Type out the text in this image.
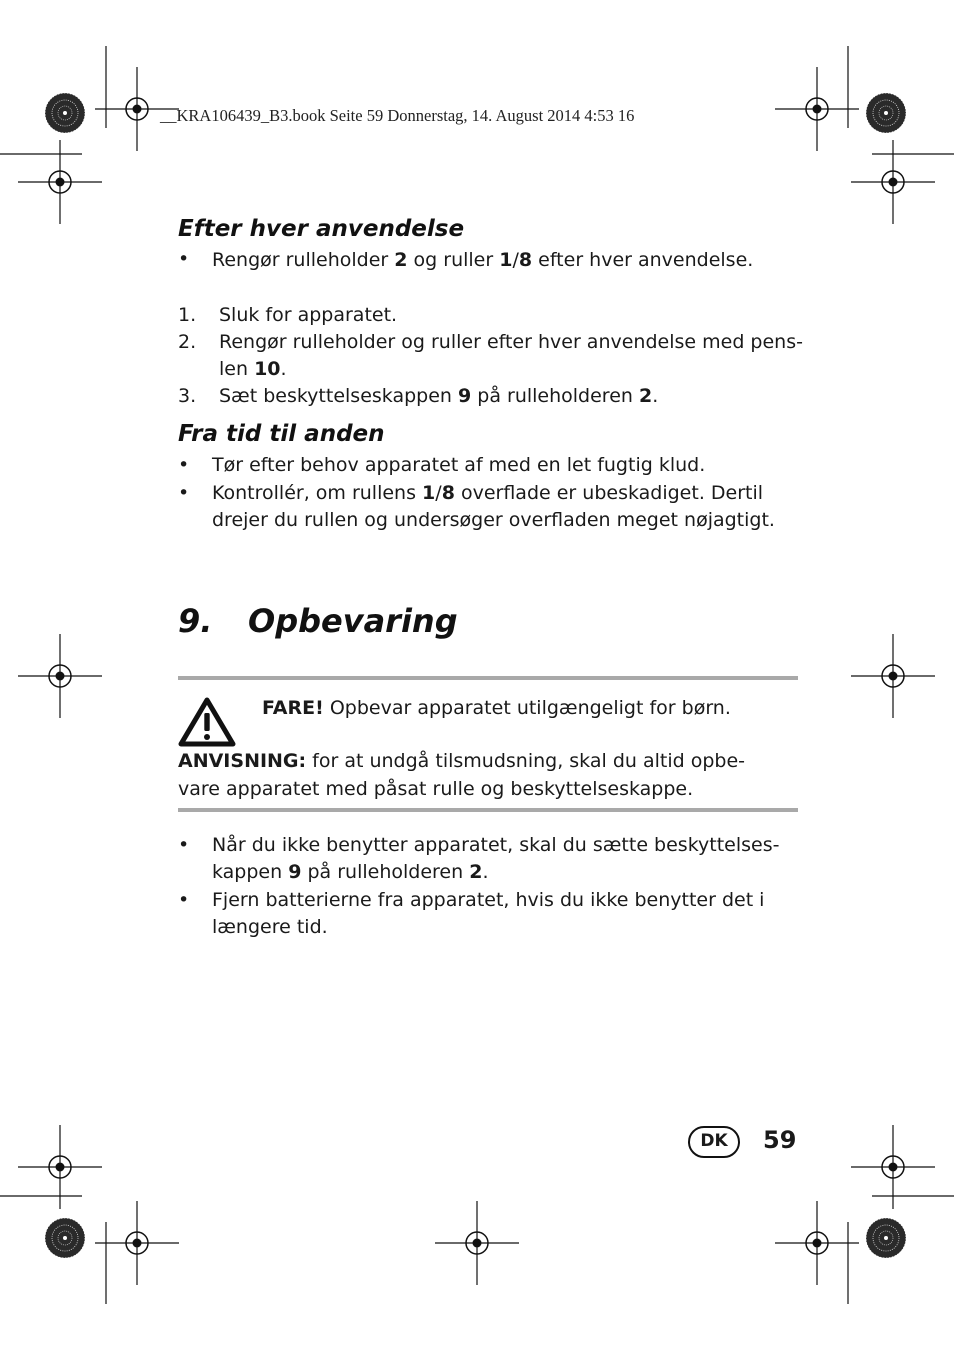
__KRA106439_B3.book Seite 59 Donnerstag, 14. August 2014 4:53 16
Efter hver anvendelse
• Rengør rulleholder 2 og ruller 1/8 efter hver anvendelse.
1. Sluk for apparatet.
2. Rengør rulleholder og ruller efter hver anvendelse med pens-
len 10.
3. Sæt beskyttelseskappen 9 på rulleholderen 2.
Fra tid til anden
• Tør efter behov apparatet af med en let fugtig klud.
• Kontrollér, om rullens 1/8 overflade er ubeskadiget. Dertil
drejer du rullen og undersøger overfladen meget nøjagtigt.
9. Opbevaring
FARE! Opbevar apparatet utilgængeligt for børn.
ANVISNING: for at undgå tilsmudsning, skal du altid opbe-
vare apparatet med påsat rulle og beskyttelseskappe.
• Når du ikke benytter apparatet, skal du sætte beskyttelses-
kappen 9 på rulleholderen 2.
• Fjern batterierne fra apparatet, hvis du ikke benytter det i
længere tid.
DK	59
